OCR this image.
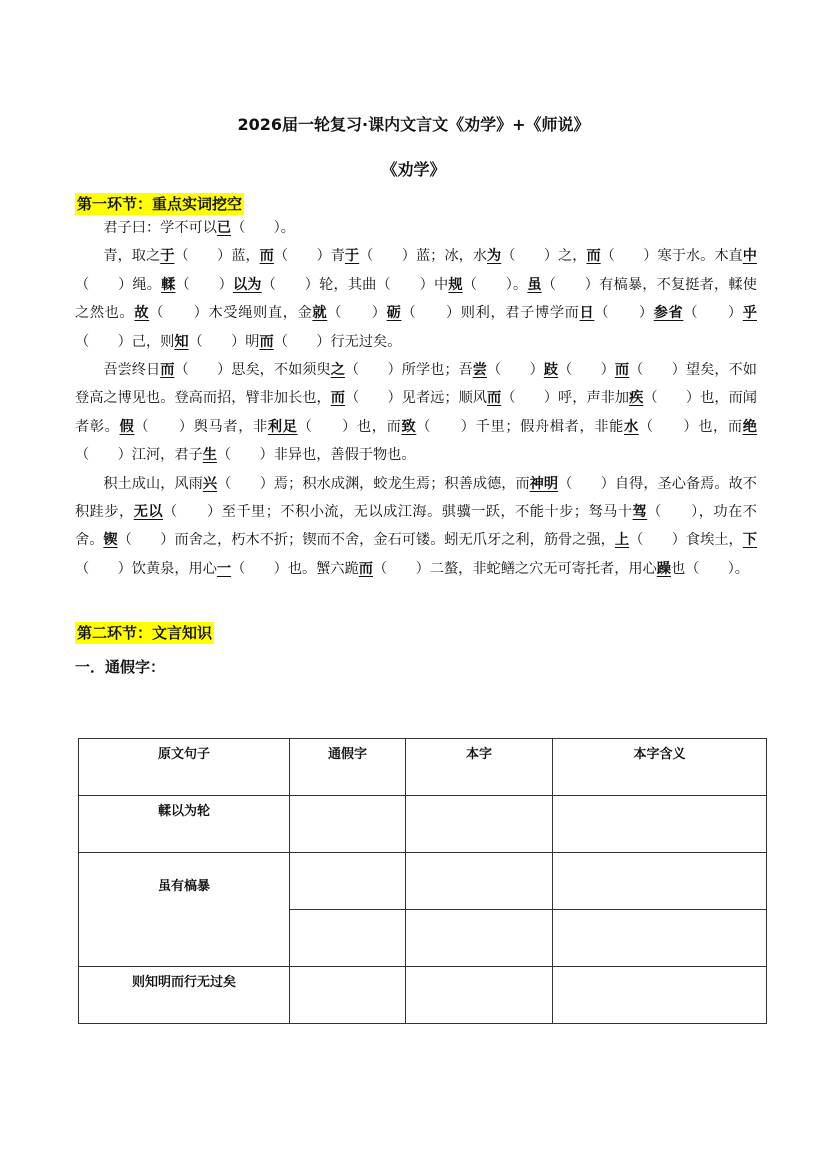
2026届一轮复习·课内文言文《劝学》+《师说》
《劝学》
第一环节：重点实词挖空

君子曰：学不可以已（　　）。

青，取之于（　　）蓝，而（　　）青于（　　）蓝；冰，水为（　　）之，而（　　）寒于水。木直中（　　）绳。輮（　　）以为（　　）轮，其曲（　　）中规（　　）。虽（　　）有槁暴，不复挺者，輮使之然也。故（　　）木受绳则直，金就（　　）砺（　　）则利，君子博学而日（　　）参省（　　）乎（　　）己，则知（　　）明而（　　）行无过矣。

吾尝终日而（　　）思矣，不如须臾之（　　）所学也；吾尝（　　）跂（　　）而（　　）望矣，不如登高之博见也。登高而招，臂非加长也，而（　　）见者远；顺风而（　　）呼，声非加疾（　　）也，而闻者彰。假（　　）舆马者，非利足（　　）也，而致（　　）千里；假舟楫者，非能水（　　）也，而绝（　　）江河，君子生（　　）非异也，善假于物也。

积土成山，风雨兴（　　）焉；积水成渊，蛟龙生焉；积善成德，而神明（　　）自得，圣心备焉。故不积跬步，无以（　　）至千里；不积小流，无以成江海。骐骥一跃，不能十步；驽马十驾（　　），功在不舍。锲（　　）而舍之，朽木不折；锲而不舍，金石可镂。蚓无爪牙之利，筋骨之强，上（　　）食埃土，下（　　）饮黄泉，用心一（　　）也。蟹六跪而（　　）二螯，非蛇鳝之穴无可寄托者，用心躁也（　　）。

第二环节：文言知识
一．通假字：
原文句子	通假字	本字	本字含义
輮以为轮			
虽有槁暴			

则知明而行无过矣			
